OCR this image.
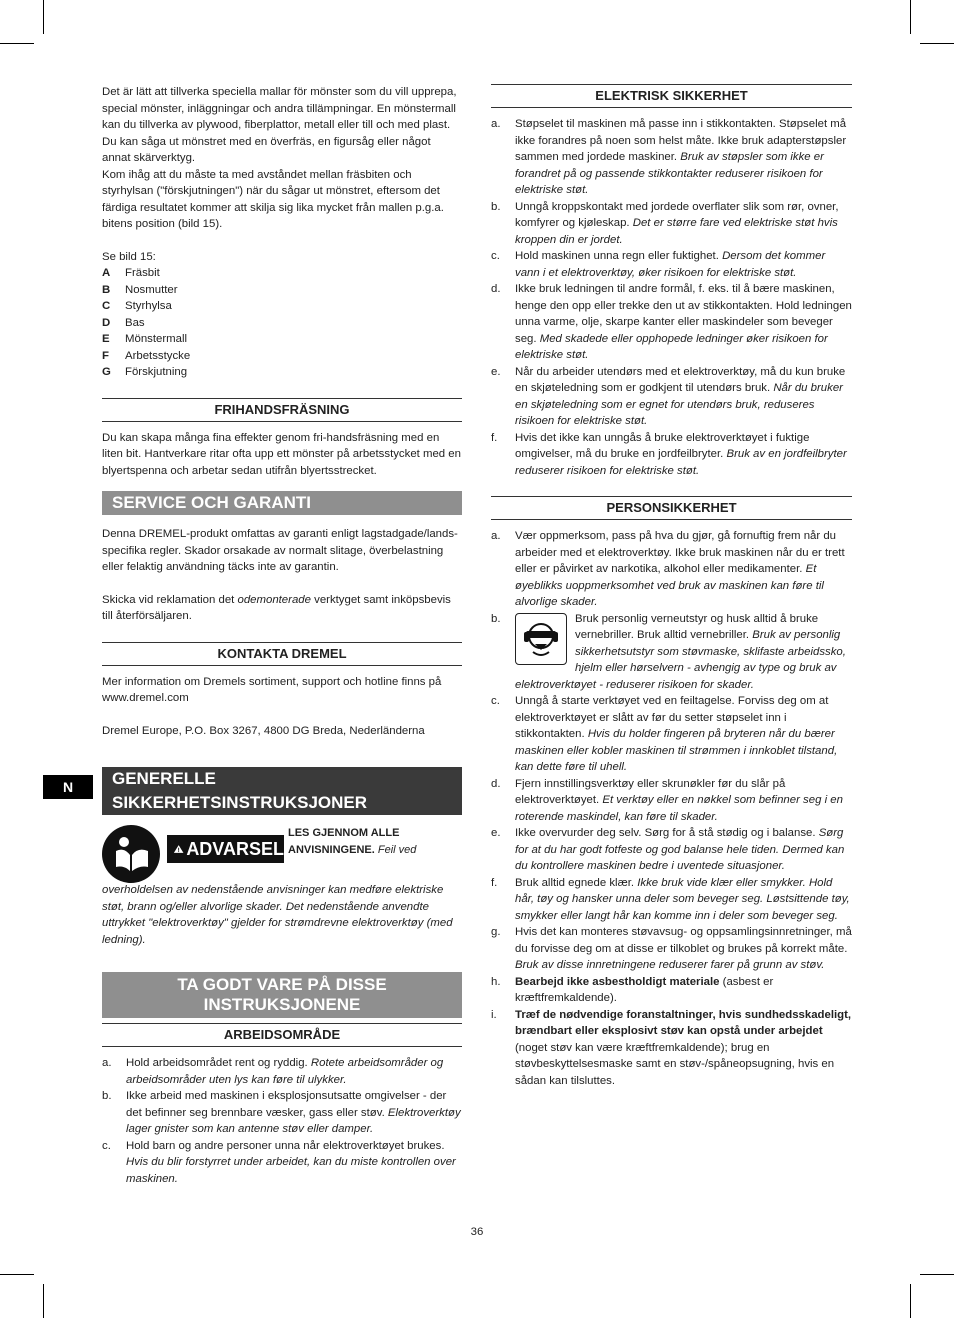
N

Det är lätt att tillverka speciella mallar för mönster som du vill upprepa, special mönster, inläggningar och andra tillämpningar. En mönstermall kan du tillverka av plywood, fiberplattor, metall eller till och med plast. Du kan såga ut mönstret med en överfräs, en figursåg eller något annat skärverktyg.

Kom ihåg att du måste ta med avståndet mellan fräsbiten och styrhylsan ("förskjutningen") när du sågar ut mönstret, eftersom det färdiga resultatet kommer att skilja sig lika mycket från mallen p.g.a. bitens position (bild 15).

Se bild 15:

A	Fräsbit
B	Nosmutter
C	Styrhylsa
D	Bas
E	Mönstermall
F	Arbetsstycke
G	Förskjutning
FRIHANDSFRÄSNING

Du kan skapa många fina effekter genom fri-handsfräsning med en liten bit. Hantverkare ritar ofta upp ett mönster på arbetsstycket med en blyertspenna och arbetar sedan utifrån blyertsstrecket.

SERVICE OCH GARANTI

Denna DREMEL-produkt omfattas av garanti enligt lagstadgade/lands-specifika regler. Skador orsakade av normalt slitage, överbelastning eller felaktig användning täcks inte av garantin.

Skicka vid reklamation det odemonterade verktyget samt inköpsbevis till återförsäljaren.

KONTAKTA DREMEL

Mer information om Dremels sortiment, support och hotline finns på www.dremel.com

Dremel Europe, P.O. Box 3267, 4800 DG Breda, Nederländerna

GENERELLE SIKKERHETSINSTRUKSJONER
ADVARSEL
LES GJENNOM ALLE ANVISNINGENE. Feil ved

overholdelsen av nedenstående anvisninger kan medføre elektriske støt, brann og/eller alvorlige skader. Det nedenstående anvendte uttrykket "elektroverktøy" gjelder for strømdrevne elektroverktøy (med ledning).

TA GODT VARE PÅ DISSE INSTRUKSJONENE
ARBEIDSOMRÅDE
a.	Hold arbeidsområdet rent og ryddig. Rotete arbeidsområder og arbeidsområder uten lys kan føre til ulykker.
b.	Ikke arbeid med maskinen i eksplosjonsutsatte omgivelser - der det befinner seg brennbare væsker, gass eller støv. Elektroverktøy lager gnister som kan antenne støv eller damper.
c.	Hold barn og andre personer unna når elektroverktøyet brukes. Hvis du blir forstyrret under arbeidet, kan du miste kontrollen over maskinen.
ELEKTRISK SIKKERHET
a.	Støpselet til maskinen må passe inn i stikkontakten. Støpselet må ikke forandres på noen som helst måte. Ikke bruk adapterstøpsler sammen med jordede maskiner. Bruk av støpsler som ikke er forandret på og passende stikkontakter reduserer risikoen for elektriske støt.
b.	Unngå kroppskontakt med jordede overflater slik som rør, ovner, komfyrer og kjøleskap. Det er større fare ved elektriske støt hvis kroppen din er jordet.
c.	Hold maskinen unna regn eller fuktighet. Dersom det kommer vann i et elektroverktøy, øker risikoen for elektriske støt.
d.	Ikke bruk ledningen til andre formål, f. eks. til å bære maskinen, henge den opp eller trekke den ut av stikkontakten. Hold ledningen unna varme, olje, skarpe kanter eller maskindeler som beveger seg. Med skadede eller opphopede ledninger øker risikoen for elektriske støt.
e.	Når du arbeider utendørs med et elektroverktøy, må du kun bruke en skjøteledning som er godkjent til utendørs bruk. Når du bruker en skjøteledning som er egnet for utendørs bruk, reduseres risikoen for elektriske støt.
f.	Hvis det ikke kan unngås å bruke elektroverktøyet i fuktige omgivelser, må du bruke en jordfeilbryter. Bruk av en jordfeilbryter reduserer risikoen for elektriske støt.
PERSONSIKKERHET
a.	Vær oppmerksom, pass på hva du gjør, gå fornuftig frem når du arbeider med et elektroverktøy. Ikke bruk maskinen når du er trett eller er påvirket av narkotika, alkohol eller medikamenter. Et øyeblikks uoppmerksomhet ved bruk av maskinen kan føre til alvorlige skader.
b.	Bruk personlig verneutstyr og husk alltid å bruke vernebriller. Bruk alltid vernebriller. Bruk av personlig sikkerhetsutstyr som støvmaske, sklifaste arbeidssko, hjelm eller hørselvern - avhengig av type og bruk av elektroverktøyet - reduserer risikoen for skader.
c.	Unngå å starte verktøyet ved en feiltagelse. Forviss deg om at elektroverktøyet er slått av før du setter støpselet inn i stikkontakten. Hvis du holder fingeren på bryteren når du bærer maskinen eller kobler maskinen til strømmen i innkoblet tilstand, kan dette føre til uhell.
d.	Fjern innstillingsverktøy eller skrunøkler før du slår på elektroverktøyet. Et verktøy eller en nøkkel som befinner seg i en roterende maskindel, kan føre til skader.
e.	Ikke overvurder deg selv. Sørg for å stå stødig og i balanse. Sørg for at du har godt fotfeste og god balanse hele tiden. Dermed kan du kontrollere maskinen bedre i uventede situasjoner.
f.	Bruk alltid egnede klær. Ikke bruk vide klær eller smykker. Hold hår, tøy og hansker unna deler som beveger seg. Løstsittende tøy, smykker eller langt hår kan komme inn i deler som beveger seg.
g.	Hvis det kan monteres støvavsug- og oppsamlingsinnretninger, må du forvisse deg om at disse er tilkoblet og brukes på korrekt måte. Bruk av disse innretningene reduserer farer på grunn av støv.
h.	Bearbejd ikke asbestholdigt materiale (asbest er kræftfremkaldende).
i.	Træf de nødvendige foranstaltninger, hvis sundhedsskadeligt, brændbart eller eksplosivt støv kan opstå under arbejdet (noget støv kan være kræftfremkaldende); brug en støvbeskyttelsesmaske samt en støv-/spåneopsugning, hvis en sådan kan tilsluttes.
36
